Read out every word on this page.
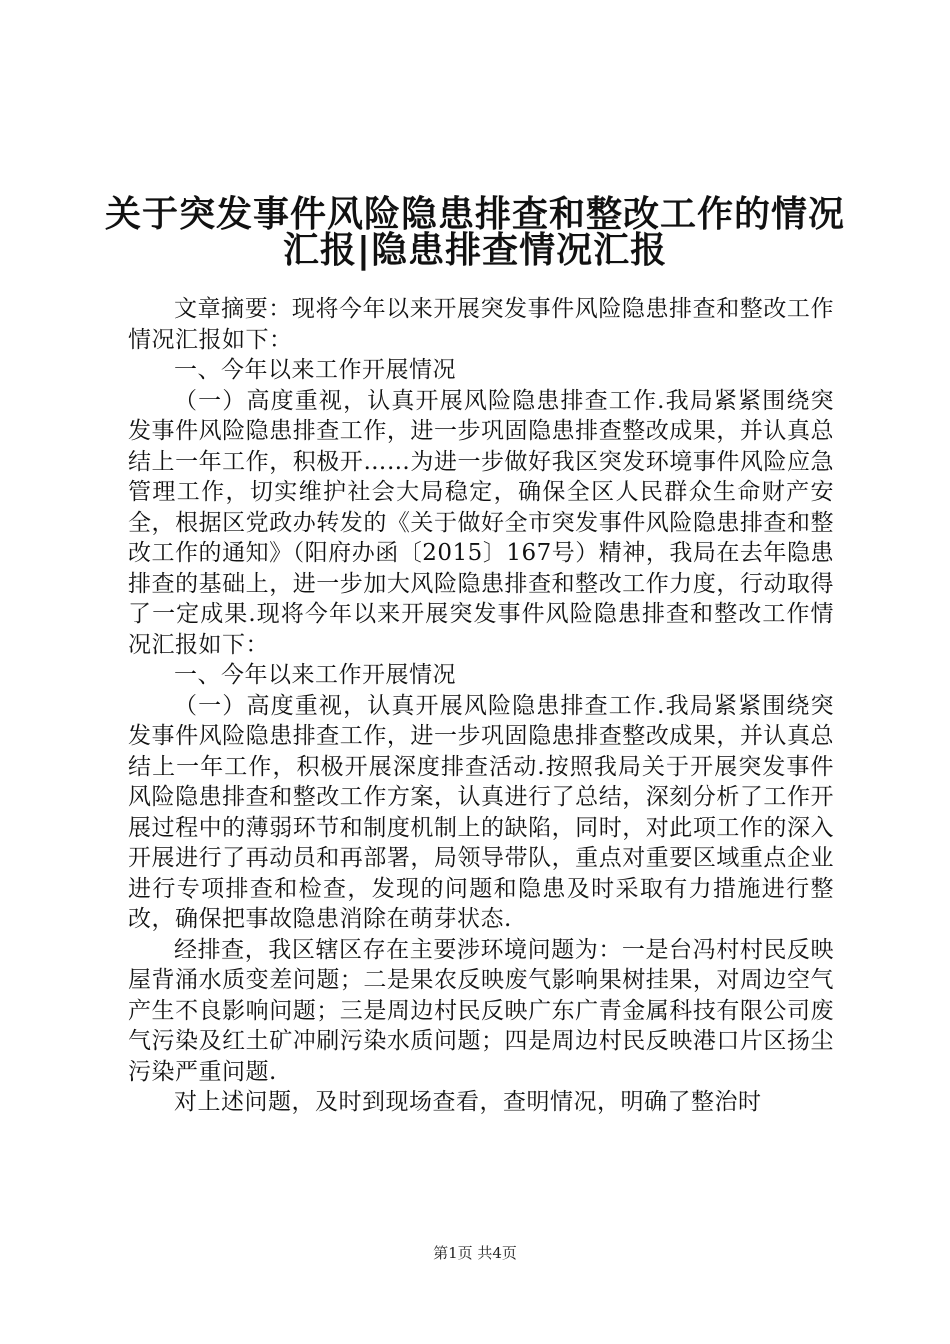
关于突发事件风险隐患排查和整改工作的情况
汇报|隐患排查情况汇报

文章摘要：现将今年以来开展突发事件风险隐患排查和整改工作情况汇报如下：

一、今年以来工作开展情况

（一）高度重视，认真开展风险隐患排查工作.我局紧紧围绕突发事件风险隐患排查工作，进一步巩固隐患排查整改成果，并认真总结上一年工作，积极开……为进一步做好我区突发环境事件风险应急管理工作，切实维护社会大局稳定，确保全区人民群众生命财产安全，根据区党政办转发的《关于做好全市突发事件风险隐患排查和整改工作的通知》（阳府办函〔2015〕167号）精神，我局在去年隐患排查的基础上，进一步加大风险隐患排查和整改工作力度，行动取得了一定成果.现将今年以来开展突发事件风险隐患排查和整改工作情况汇报如下：

一、今年以来工作开展情况

（一）高度重视，认真开展风险隐患排查工作.我局紧紧围绕突发事件风险隐患排查工作，进一步巩固隐患排查整改成果，并认真总结上一年工作，积极开展深度排查活动.按照我局关于开展突发事件风险隐患排查和整改工作方案，认真进行了总结，深刻分析了工作开展过程中的薄弱环节和制度机制上的缺陷，同时，对此项工作的深入开展进行了再动员和再部署，局领导带队，重点对重要区域重点企业进行专项排查和检查，发现的问题和隐患及时采取有力措施进行整改，确保把事故隐患消除在萌芽状态.

经排查，我区辖区存在主要涉环境问题为：一是台冯村村民反映屋背涌水质变差问题；二是果农反映废气影响果树挂果，对周边空气产生不良影响问题；三是周边村民反映广东广青金属科技有限公司废气污染及红土矿冲刷污染水质问题；四是周边村民反映港口片区扬尘污染严重问题.

对上述问题，及时到现场查看，查明情况，明确了整治时

第1页 共4页
